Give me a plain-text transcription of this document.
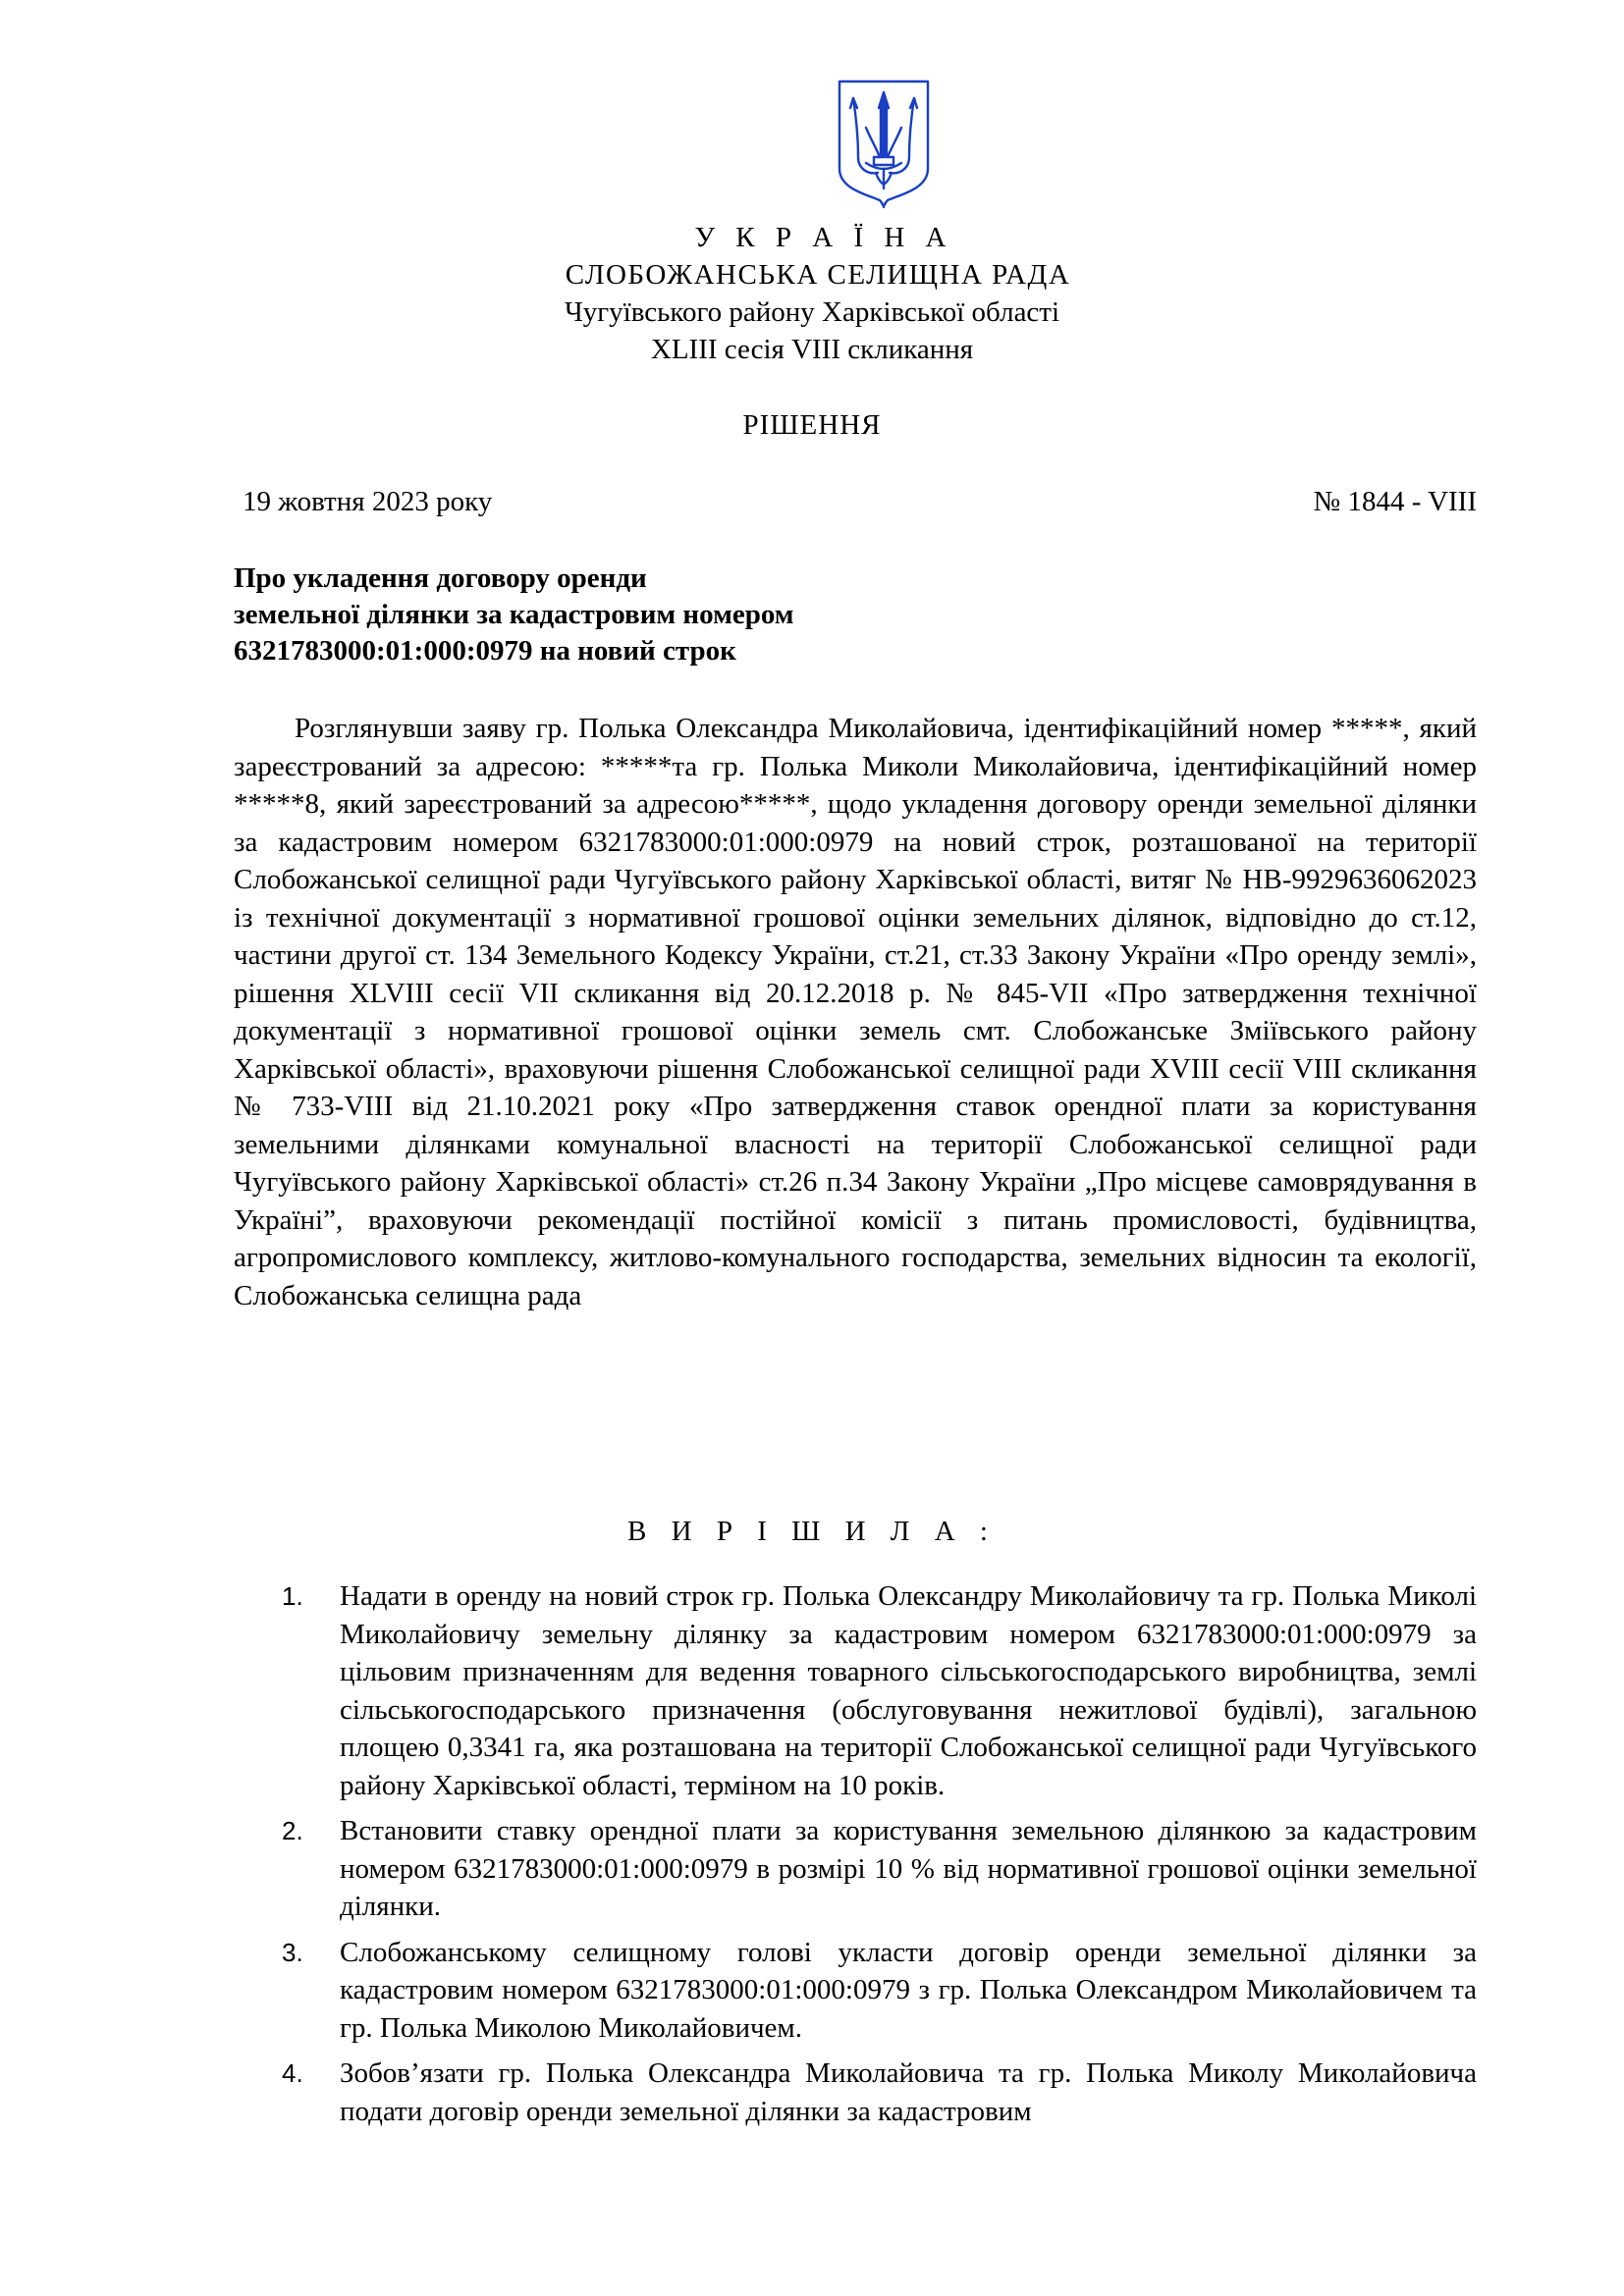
У К Р А Ї Н А
СЛОБОЖАНСЬКА СЕЛИЩНА РАДА
Чугуївського району Харківської області
XLIII сесія VIII скликання
РІШЕННЯ
19 жовтня 2023 року	№ 1844 - VIII
Про укладення договору оренди
земельної ділянки за кадастровим номером
6321783000:01:000:0979 на новий строк

Розглянувши заяву гр. Полька Олександра Миколайовича, ідентифікаційний номер *****, який зареєстрований за адресою: *****та гр. Полька Миколи Миколайовича, ідентифікаційний номер *****8, який зареєстрований за адресою*****, щодо укладення договору оренди земельної ділянки за кадастровим номером 6321783000:01:000:0979 на новий строк, розташованої на території Слобожанської селищної ради Чугуївського району Харківської області, витяг № НВ-9929636062023 із технічної документації з нормативної грошової оцінки земельних ділянок, відповідно до ст.12, частини другої ст. 134 Земельного Кодексу України, ст.21, ст.33 Закону України «Про оренду землі», рішення XLVIII сесії VII скликання від 20.12.2018 р. № 845-VII «Про затвердження технічної документації з нормативної грошової оцінки земель смт. Слобожанське Зміївського району Харківської області», враховуючи рішення Слобожанської селищної ради XVIII сесії VIII скликання № 733-VIII від 21.10.2021 року «Про затвердження ставок орендної плати за користування земельними ділянками комунальної власності на території Слобожанської селищної ради Чугуївського району Харківської області» ст.26 п.34 Закону України „Про місцеве самоврядування в Україні”, враховуючи рекомендації постійної комісії з питань промисловості, будівництва, агропромислового комплексу, житлово-комунального господарства, земельних відносин та екології, Слобожанська селищна рада

В И Р І Ш И Л А :
1. Надати в оренду на новий строк гр. Полька Олександру Миколайовичу та гр. Полька Миколі Миколайовичу земельну ділянку за кадастровим номером 6321783000:01:000:0979 за цільовим призначенням для ведення товарного сільськогосподарського виробництва, землі сільськогосподарського призначення (обслуговування нежитлової будівлі), загальною площею 0,3341 га, яка розташована на території Слобожанської селищної ради Чугуївського району Харківської області, терміном на 10 років.
2. Встановити ставку орендної плати за користування земельною ділянкою за кадастровим номером 6321783000:01:000:0979 в розмірі 10 % від нормативної грошової оцінки земельної ділянки.
3. Слобожанському селищному голові укласти договір оренди земельної ділянки за кадастровим номером 6321783000:01:000:0979 з гр. Полька Олександром Миколайовичем та гр. Полька Миколою Миколайовичем.
4. Зобов’язати гр. Полька Олександра Миколайовича та гр. Полька Миколу Миколайовича подати договір оренди земельної ділянки за кадастровим
